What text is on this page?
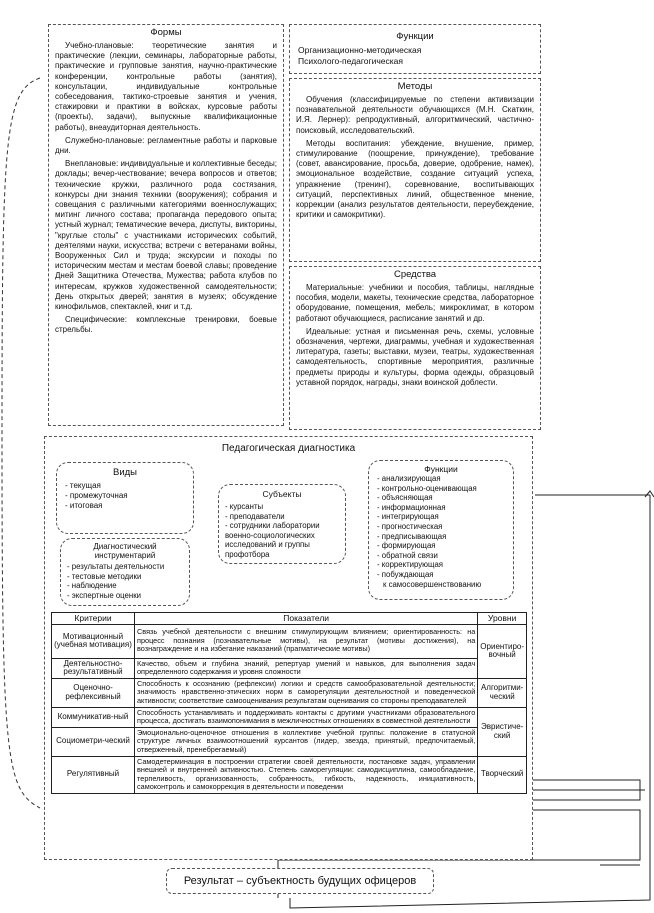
Формы

Учебно-плановые: теоретические занятия и практические (лекции, семинары, лабораторные работы, практические и групповые занятия, научно-практические конференции, контрольные работы (занятия), консультации, индивидуальные контрольные собеседования, тактико-строевые занятия и учения, стажировки и практики в войсках, курсовые работы (проекты), задачи), выпускные квалификационные работы), внеаудиторная деятельность.

Служебно-плановые: регламентные работы и парковые дни.

Внеплановые: индивидуальные и коллективные беседы; доклады; вечер-чествование; вечера вопросов и ответов; технические кружки, различного рода состязания, конкурсы дни знания техники (вооружения); собрания и совещания с различными категориями военнослужащих; митинг личного состава; пропаганда передового опыта; устный журнал; тематические вечера, диспуты, викторины, "круглые столы" с участниками исторических событий, деятелями науки, искусства; встречи с ветеранами войны, Вооруженных Сил и труда; экскурсии и походы по историческим местам и местам боевой славы; проведение Дней Защитника Отечества, Мужества; работа клубов по интересам, кружков художественной самодеятельности; День открытых дверей; занятия в музеях; обсуждение кинофильмов, спектаклей, книг и т.д.

Специфические: комплексные тренировки, боевые стрельбы.

Функции
Организационно-методическая
Психолого-педагогическая
Методы

Обучения (классифицируемые по степени активизации познавательной деятельности обучающихся (М.Н. Скаткин, И.Я. Лернер): репродуктивный, алгоритмический, частично-поисковый, исследовательский.

Методы воспитания: убеждение, внушение, пример, стимулирование (поощрение, принуждение), требование (совет, авансирование, просьба, доверие, одобрение, намек), эмоциональное воздействие, создание ситуаций успеха, упражнение (тренинг), соревнование, воспитывающих ситуаций, перспективных линий, общественное мнение, коррекции (анализ результатов деятельности, переубеждение, критики и самокритики).

Средства

Материальные: учебники и пособия, таблицы, наглядные пособия, модели, макеты, технические средства, лабораторное оборудование, помещения, мебель; микроклимат, в котором работают обучающиеся, расписание занятий и др.

Идеальные: устная и письменная речь, схемы, условные обозначения, чертежи, диаграммы, учебная и художественная литература, газеты; выставки, музеи, театры, художественная самодеятельность, спортивные мероприятия, различные предметы природы и культуры, форма одежды, образцовый уставной порядок, награды, знаки воинской доблести.

Педагогическая диагностика
Виды
- текущая
- промежуточная
- итоговая
Диагностический инструментарий
- результаты деятельности
- тестовые методики
- наблюдение
- экспертные оценки
Субъекты
- курсанты
- преподаватели
- сотрудники лаборатории военно-социологических исследований и группы профотбора
Функции
- анализирующая
- контрольно-оценивающая
- объясняющая
- информационная
- интегрирующая
- прогностическая
- предписывающая
- формирующая
- обратной связи
- корректирующая
- побуждающая
к самосовершенствованию
Критерии	Показатели	Уровни
Мотивационный (учебная мотивация)	Связь учебной деятельности с внешним стимулирующим влиянием; ориентированность: на процесс познания (познавательные мотивы), на результат (мотивы достижения), на вознаграждение и на избегание наказаний (прагматические мотивы)	Ориентиро-вочный
Деятельностно-результативный	Качество, объем и глубина знаний, репертуар умений и навыков, для выполнения задач определенного содержания и уровня сложности	
Оценочно-рефлексивный	Способность к осознанию (рефлексии) логики и средств самообразовательной деятельности; значимость нравственно-этических норм в саморегуляции деятельностной и поведенческой активности; соответствие самооценивания результатам оценивания со стороны преподавателей	Алгоритми-ческий
Коммуникатив-ный	Способность устанавливать и поддерживать контакты с другими участниками образовательного процесса, достигать взаимопонимания в межличностных отношениях в совместной деятельности	Эвристиче-ский
Социометри-ческий	Эмоционально-оценочное отношения в коллективе учебной группы: положение в статусной структуре личных взаимоотношений курсантов (лидер, звезда, принятый, предпочитаемый, отверженный, пренебрегаемый)	
Регулятивный	Самодетерминация в построении стратегии своей деятельности, постановке задач, управлении внешней и внутренней активностью. Степень саморегуляции: самодисциплина, самообладание, терпеливость, организованность, собранность, гибкость, надежность, инициативность, самоконтроль и самокоррекция в деятельности и поведении	Творческий
Результат – субъектность будущих офицеров
